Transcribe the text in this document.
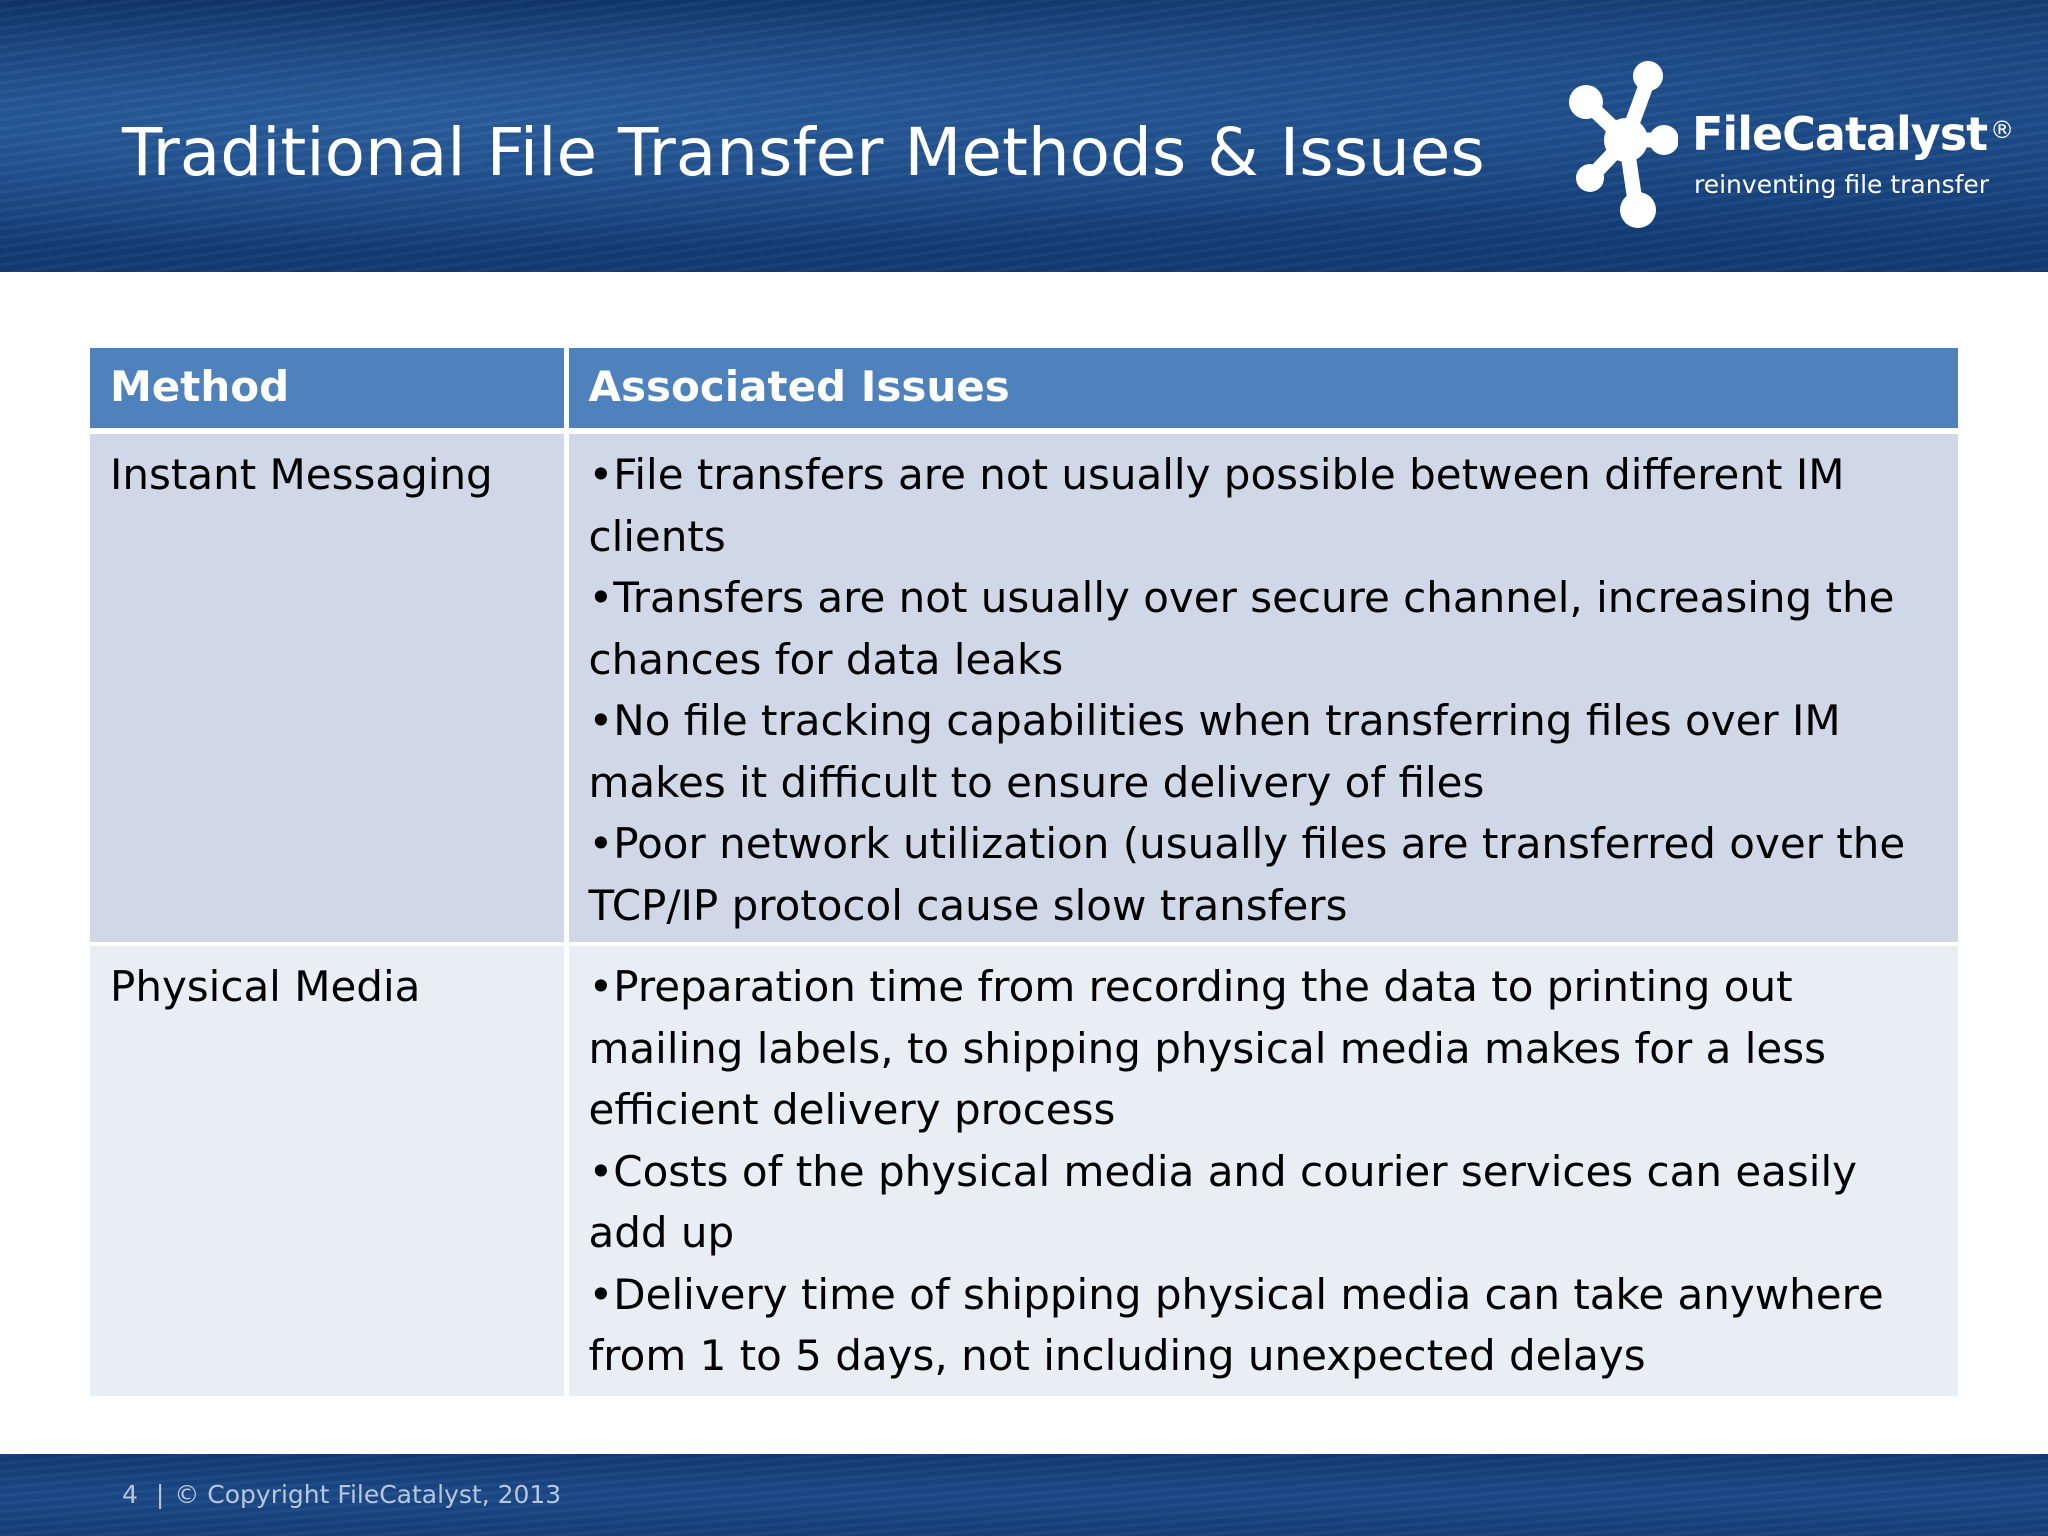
Traditional File Transfer Methods & Issues	FileCatalyst ®
reinventing file transfer
Method	Associated Issues
Instant Messaging	•File transfers are not usually possible between different IM clients

•Transfers are not usually over secure channel, increasing the chances for data leaks

•No file tracking capabilities when transferring files over IM makes it difficult to ensure delivery of files

•Poor network utilization (usually files are transferred over the TCP/IP protocol cause slow transfers

Physical Media	•Preparation time from recording the data to printing out mailing labels, to shipping physical media makes for a less efficient delivery process

•Costs of the physical media and courier services can easily add up

•Delivery time of shipping physical media can take anywhere from 1 to 5 days, not including unexpected delays

4 | © Copyright FileCatalyst, 2013
